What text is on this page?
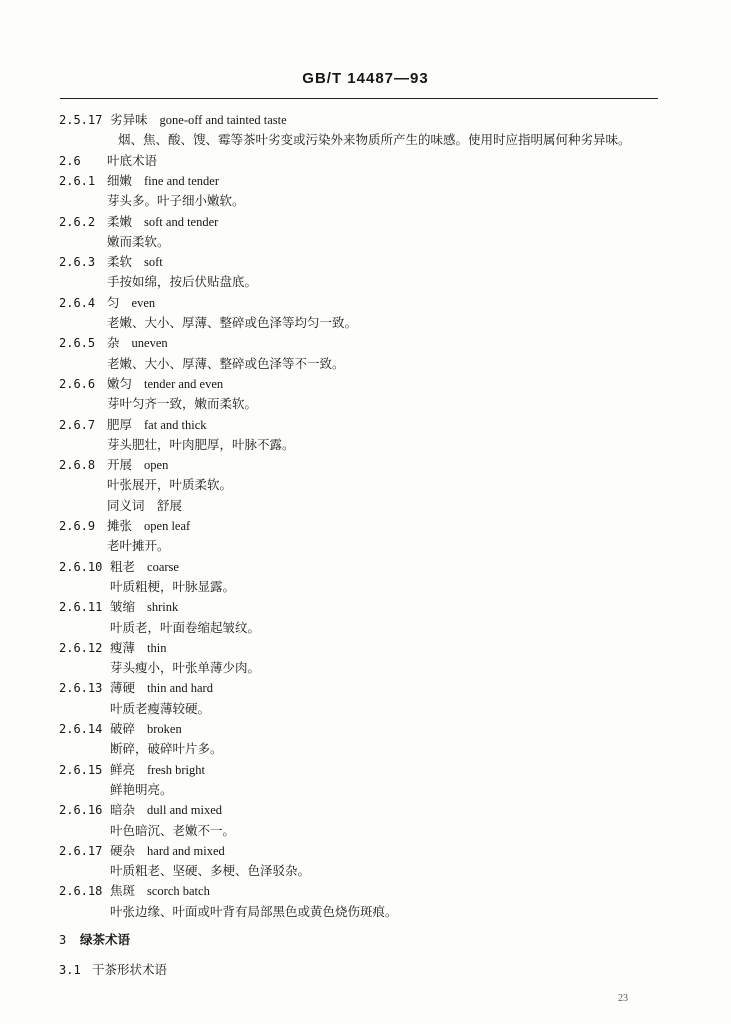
GB/T 14487—93
2.5.17 劣异味 gone-off and tainted taste
烟、焦、酸、馊、霉等茶叶劣变或污染外来物质所产生的味感。使用时应指明属何种劣异味。
2.6 叶底术语
2.6.1 细嫩 fine and tender
芽头多。叶子细小嫩软。
2.6.2 柔嫩 soft and tender
嫩而柔软。
2.6.3 柔软 soft
手按如绵，按后伏贴盘底。
2.6.4 匀 even
老嫩、大小、厚薄、整碎或色泽等均匀一致。
2.6.5 杂 uneven
老嫩、大小、厚薄、整碎或色泽等不一致。
2.6.6 嫩匀 tender and even
芽叶匀齐一致，嫩而柔软。
2.6.7 肥厚 fat and thick
芽头肥壮，叶肉肥厚，叶脉不露。
2.6.8 开展 open
叶张展开，叶质柔软。
同义词　舒展
2.6.9 摊张 open leaf
老叶摊开。
2.6.10 粗老 coarse
叶质粗梗，叶脉显露。
2.6.11 皱缩 shrink
叶质老，叶面卷缩起皱纹。
2.6.12 瘦薄 thin
芽头瘦小，叶张单薄少肉。
2.6.13 薄硬 thin and hard
叶质老瘦薄较硬。
2.6.14 破碎 broken
断碎，破碎叶片多。
2.6.15 鲜亮 fresh bright
鲜艳明亮。
2.6.16 暗杂 dull and mixed
叶色暗沉、老嫩不一。
2.6.17 硬杂 hard and mixed
叶质粗老、坚硬、多梗、色泽驳杂。
2.6.18 焦斑 scorch batch
叶张边缘、叶面或叶背有局部黑色或黄色烧伤斑痕。
3 绿茶术语
3.1 干茶形状术语
23
